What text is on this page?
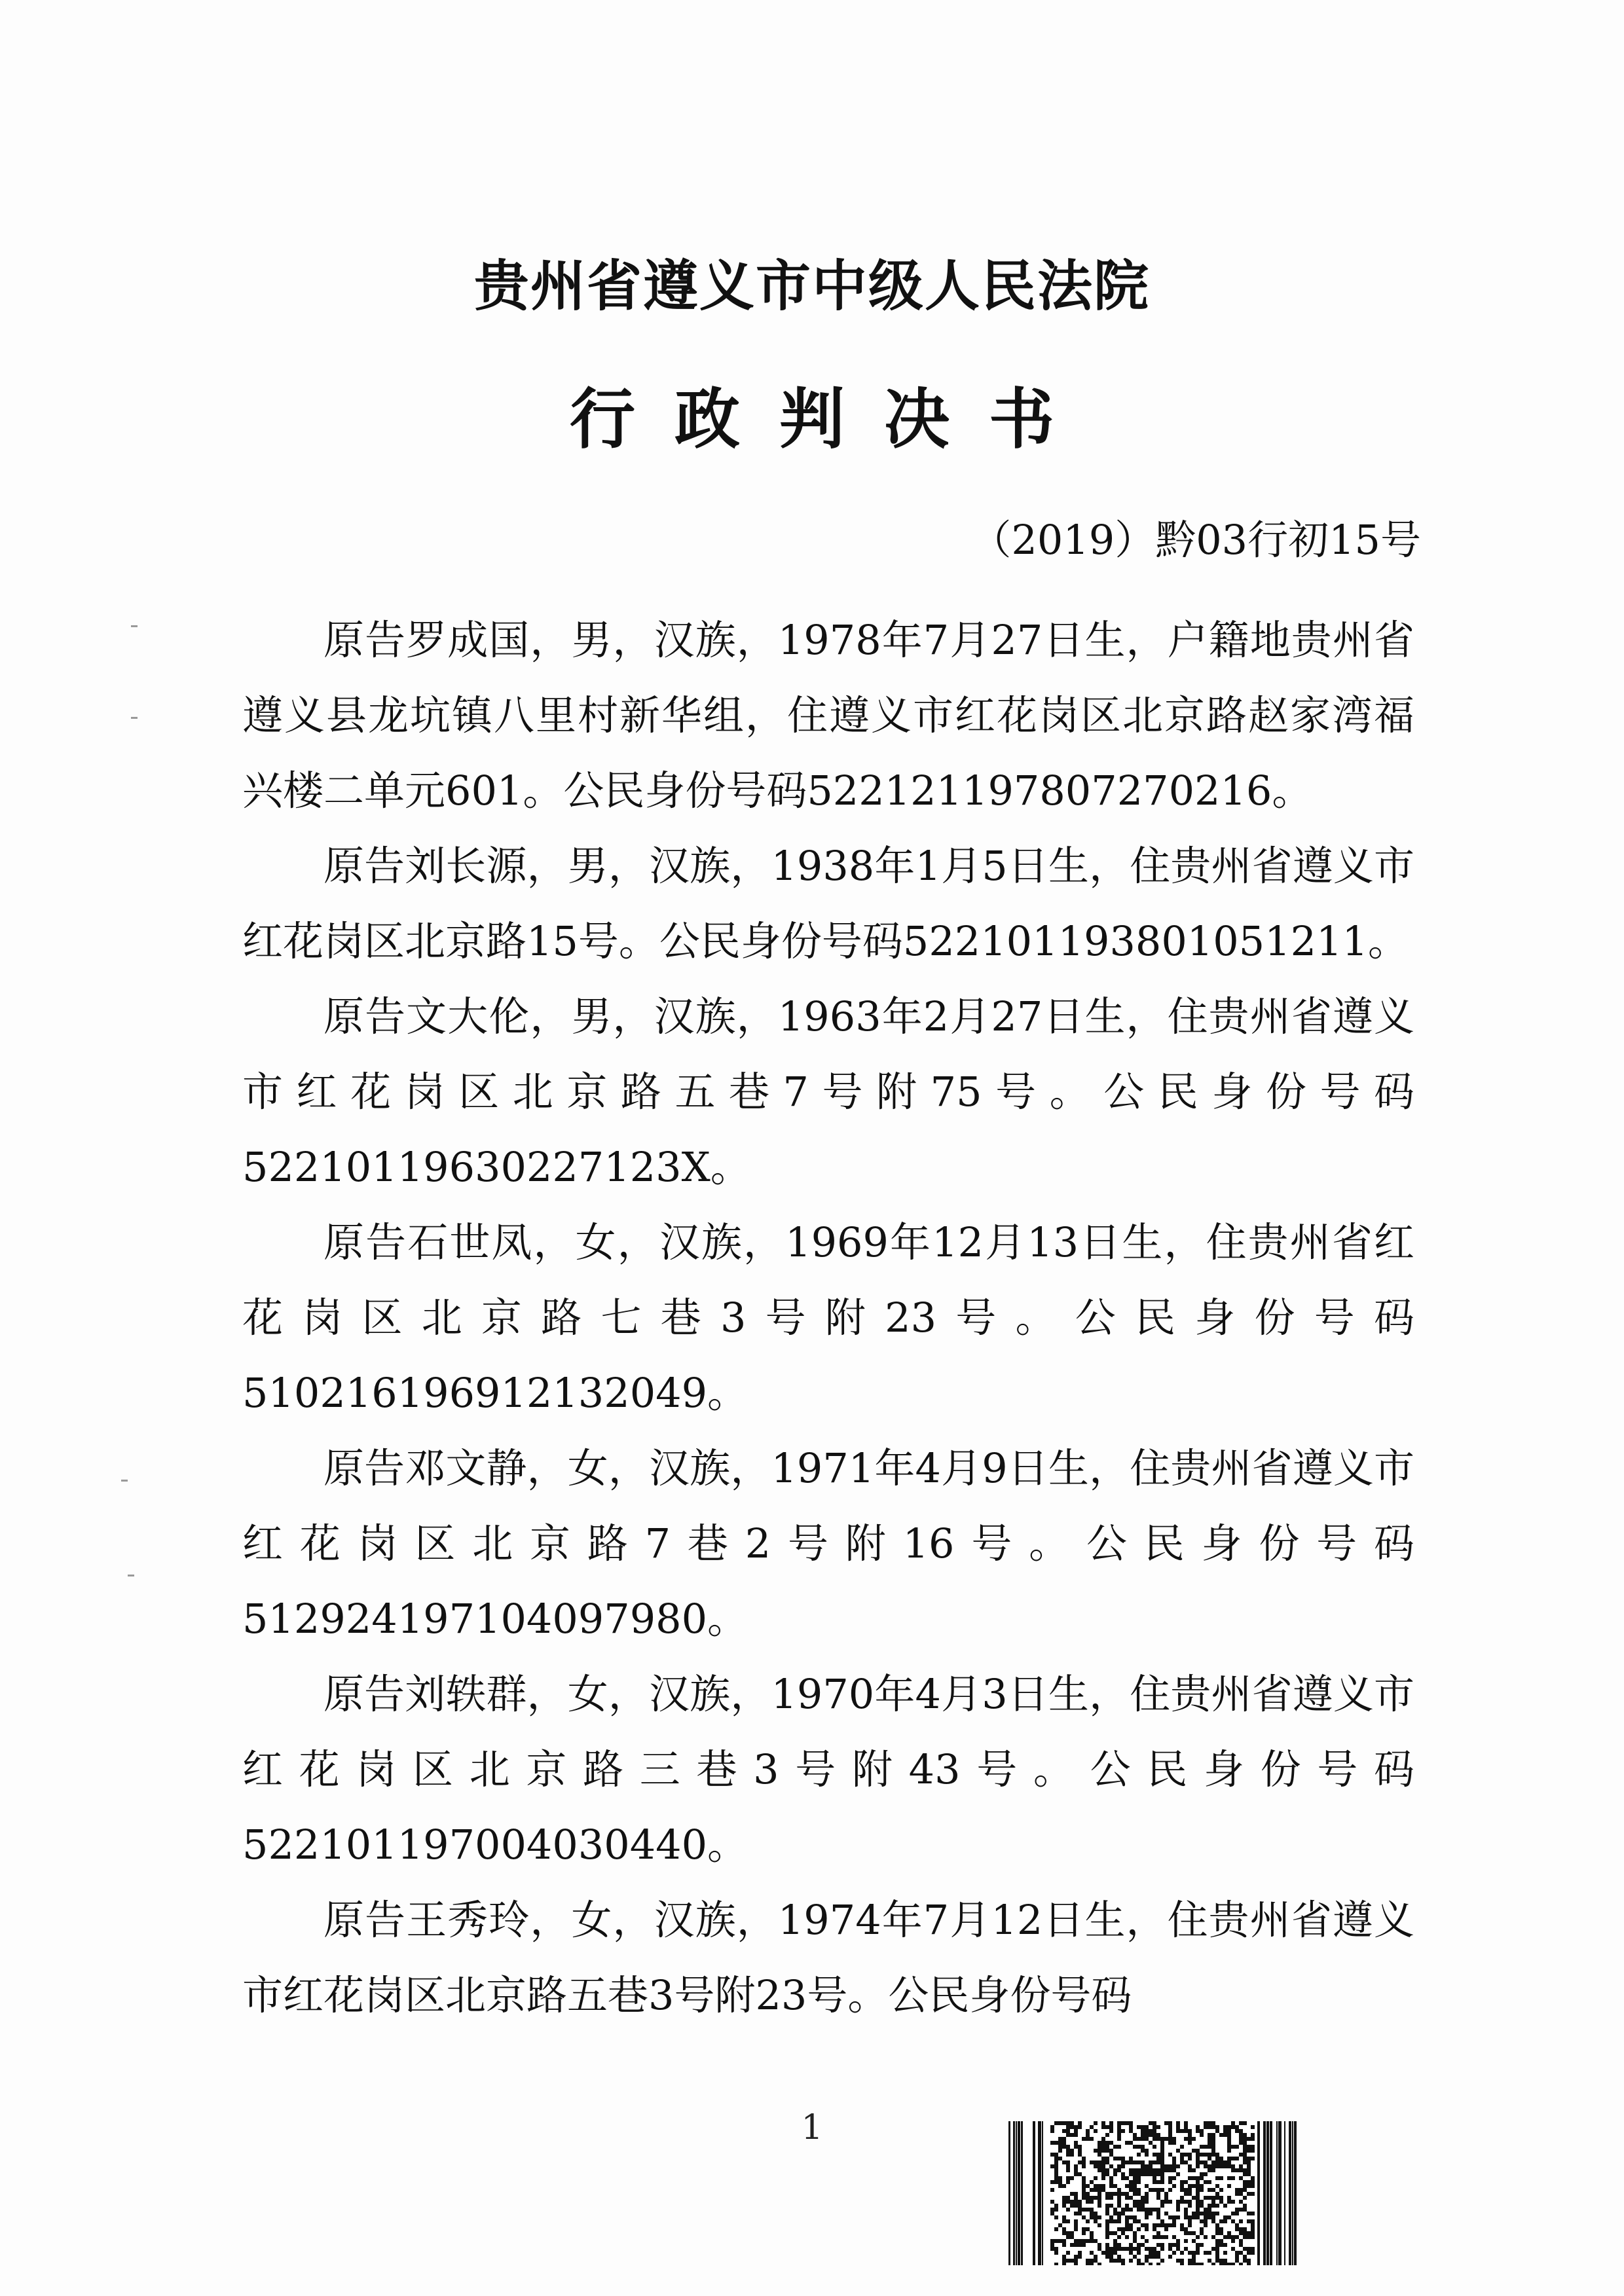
贵州省遵义市中级人民法院
行政判决书
（2019）黔03行初15号

原告罗成国，男，汉族，1978年7月27日生，户籍地贵州省遵义县龙坑镇八里村新华组，住遵义市红花岗区北京路赵家湾福兴楼二单元601。公民身份号码522121197807270216。

原告刘长源，男，汉族，1938年1月5日生，住贵州省遵义市红花岗区北京路15号。公民身份号码522101193801051211。

原告文大伦，男，汉族，1963年2月27日生，住贵州省遵义市红花岗区北京路五巷7号附75号。公民身份号码52210119630227123X。

原告石世凤，女，汉族，1969年12月13日生，住贵州省红花岗区北京路七巷3号附23号。公民身份号码510216196912132049。

原告邓文静，女，汉族，1971年4月9日生，住贵州省遵义市红花岗区北京路7巷2号附16号。公民身份号码512924197104097980。

原告刘轶群，女，汉族，1970年4月3日生，住贵州省遵义市红花岗区北京路三巷3号附43号。公民身份号码522101197004030440。

原告王秀玲，女，汉族，1974年7月12日生，住贵州省遵义市红花岗区北京路五巷3号附23号。公民身份号码

1
